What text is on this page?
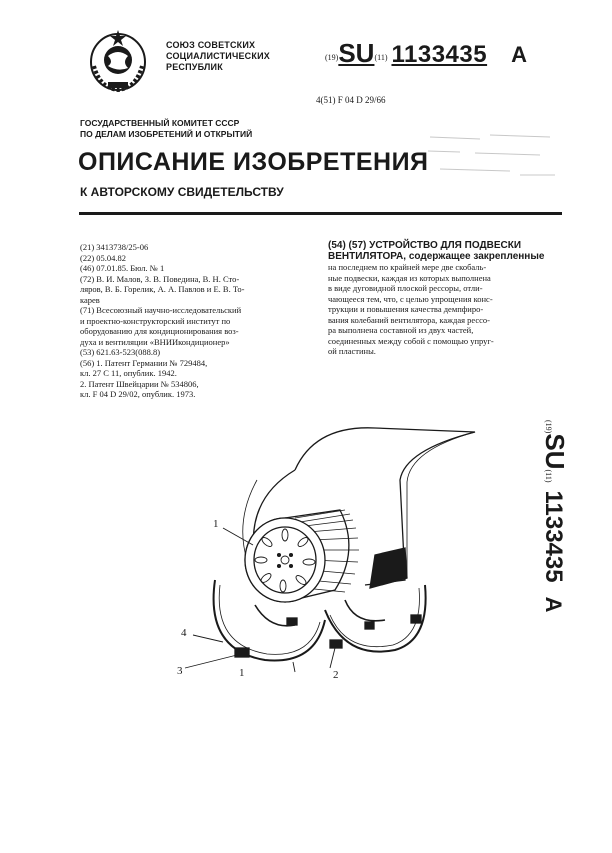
СОЮЗ СОВЕТСКИХ
СОЦИАЛИСТИЧЕСКИХ
РЕСПУБЛИК
(19)SU(11) 1133435 A
4(51) F 04 D 29/66
ГОСУДАРСТВЕННЫЙ КОМИТЕТ СССР
ПО ДЕЛАМ ИЗОБРЕТЕНИЙ И ОТКРЫТИЙ
ОПИСАНИЕ ИЗОБРЕТЕНИЯ
К АВТОРСКОМУ СВИДЕТЕЛЬСТВУ
(21) 3413738/25-06
(22) 05.04.82
(46) 07.01.85. Бюл. № 1
(72) В. И. Малов, З. В. Поведина, В. Н. Сто-
ляров, В. Б. Горелик, А. А. Павлов и Е. В. То-
карев
(71) Всесоюзный научно-исследовательский
и проектно-конструкторский институт по
оборудованию для кондиционирования воз-
духа и вентиляции «ВНИИкондиционер»
(53) 621.63-523(088.8)
(56) 1. Патент Германии № 729484,
кл. 27 С 11, опублик. 1942.
2. Патент Швейцарии № 534806,
кл. F 04 D 29/02, опублик. 1973.
(54) (57) УСТРОЙСТВО ДЛЯ ПОДВЕСКИ
ВЕНТИЛЯТОРА, содержащее закрепленные
на последнем по крайней мере две скобаль-
ные подвески, каждая из которых выполнена
в виде дуговидной плоской рессоры, отли-
чающееся тем, что, с целью упрощения конс-
трукции и повышения качества демпфиро-
вания колебаний вентилятора, каждая рессо-
ра выполнена составной из двух частей,
соединенных между собой с помощью упруг-
ой пластины.
(19)SU(11)1133435A
1
4
3	1	2
